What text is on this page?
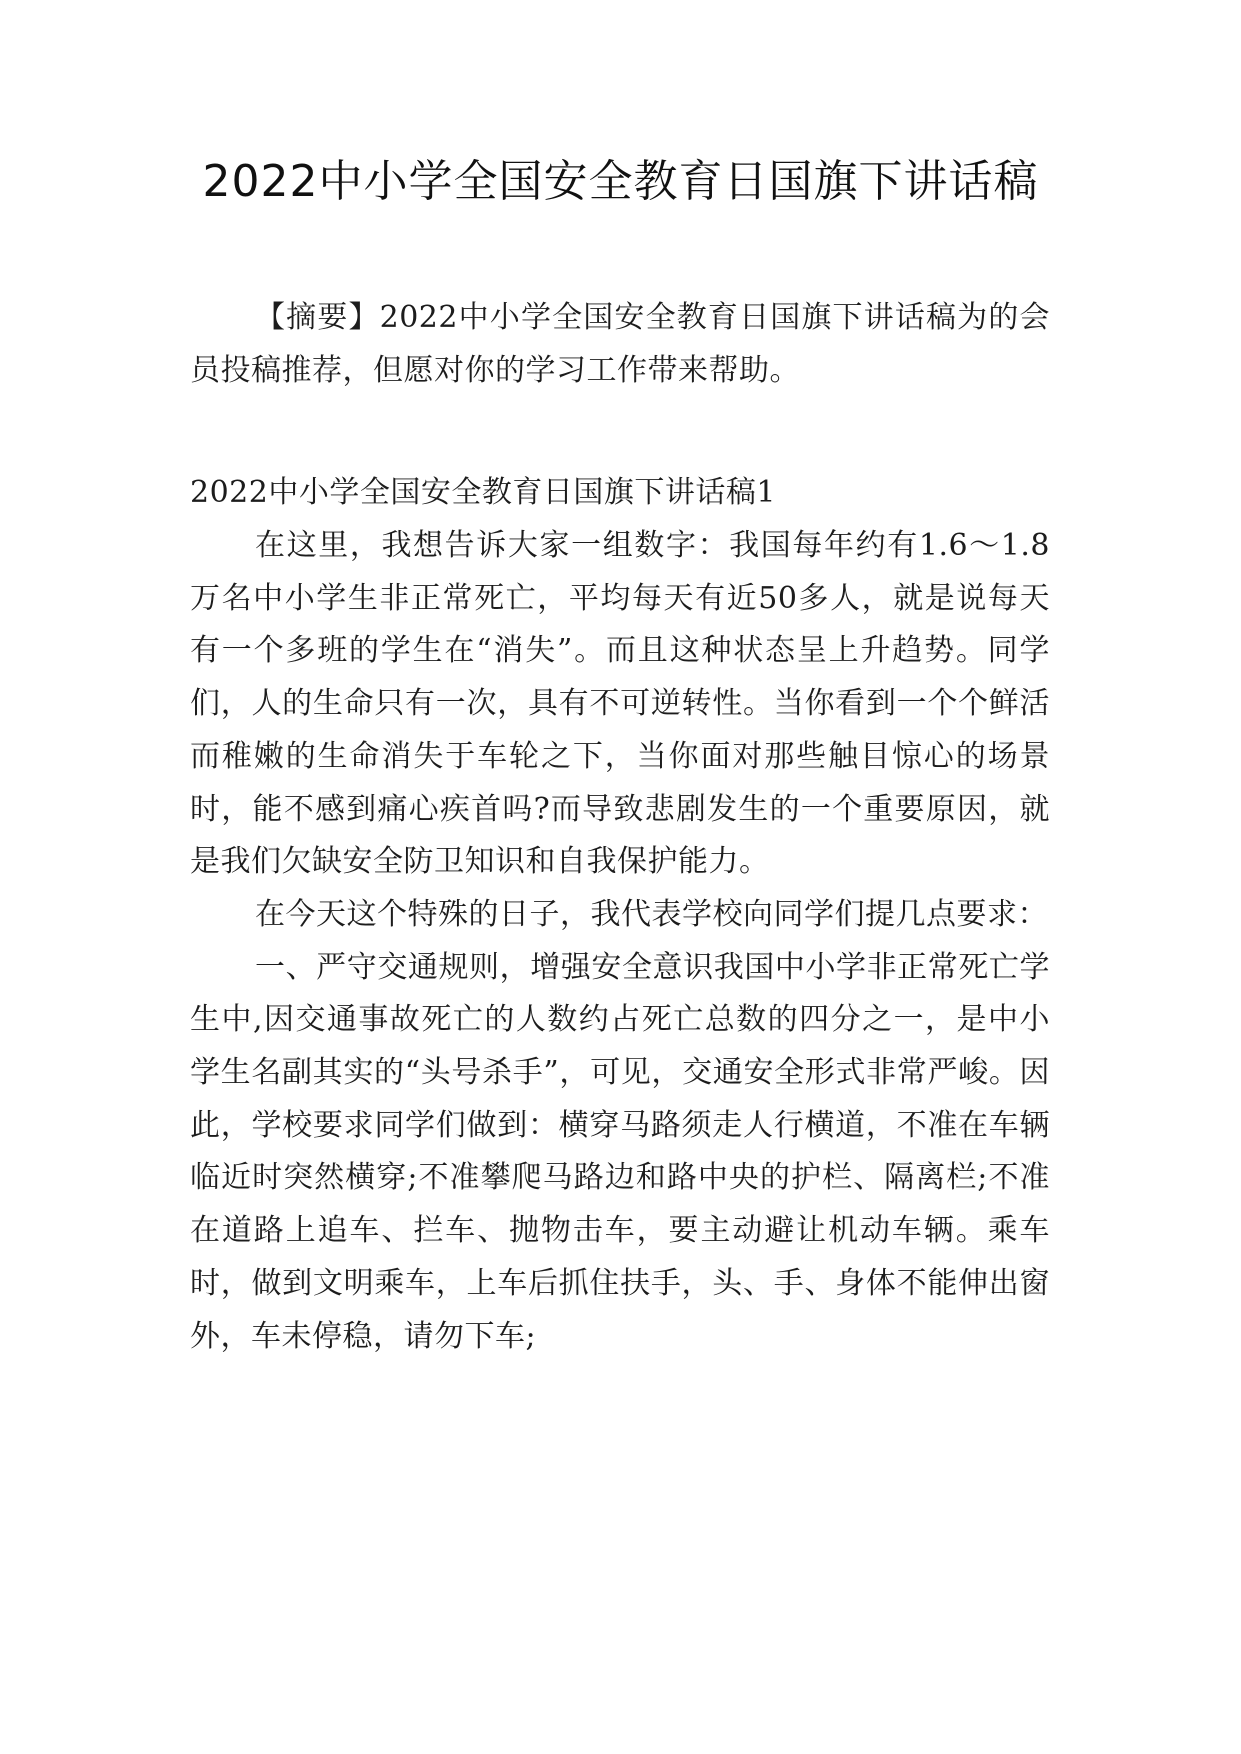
2022中小学全国安全教育日国旗下讲话稿

【摘要】2022中小学全国安全教育日国旗下讲话稿为的会员投稿推荐，但愿对你的学习工作带来帮助。

2022中小学全国安全教育日国旗下讲话稿1

在这里，我想告诉大家一组数字：我国每年约有1.6～1.8万名中小学生非正常死亡，平均每天有近50多人，就是说每天有一个多班的学生在“消失”。而且这种状态呈上升趋势。同学们，人的生命只有一次，具有不可逆转性。当你看到一个个鲜活而稚嫩的生命消失于车轮之下，当你面对那些触目惊心的场景时，能不感到痛心疾首吗?而导致悲剧发生的一个重要原因，就是我们欠缺安全防卫知识和自我保护能力。

在今天这个特殊的日子，我代表学校向同学们提几点要求：

一、严守交通规则，增强安全意识我国中小学非正常死亡学生中,因交通事故死亡的人数约占死亡总数的四分之一，是中小学生名副其实的“头号杀手”，可见，交通安全形式非常严峻。因此，学校要求同学们做到：横穿马路须走人行横道，不准在车辆临近时突然横穿;不准攀爬马路边和路中央的护栏、隔离栏;不准在道路上追车、拦车、抛物击车，要主动避让机动车辆。乘车时，做到文明乘车，上车后抓住扶手，头、手、身体不能伸出窗外，车未停稳，请勿下车;
